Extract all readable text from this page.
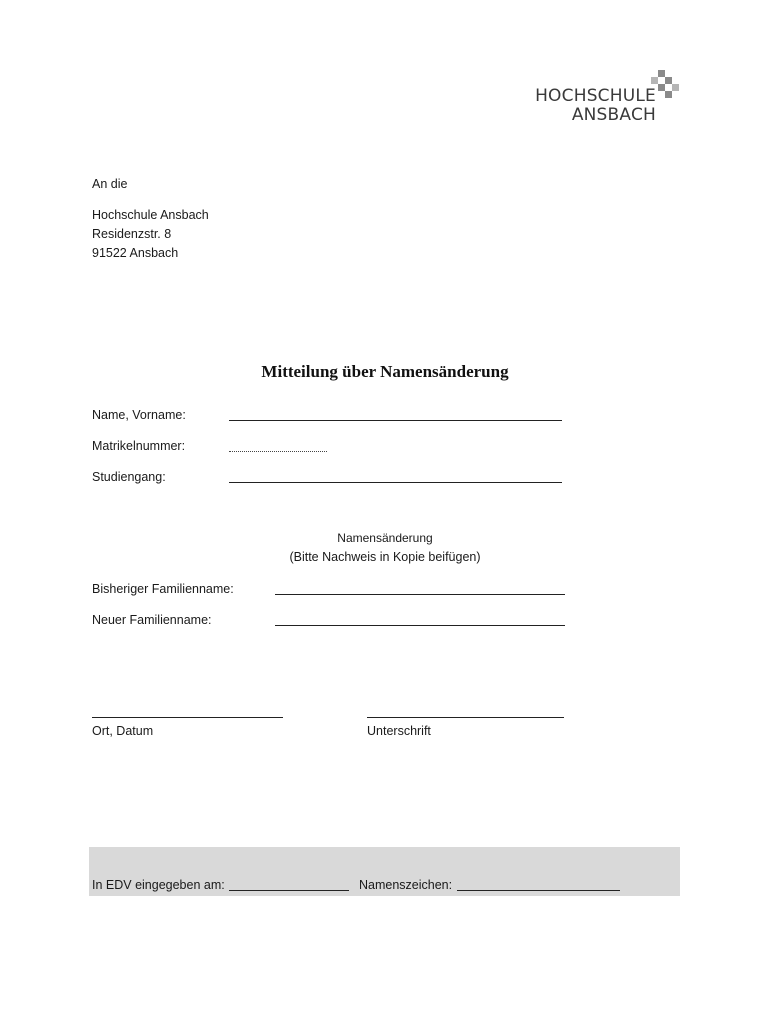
HOCHSCHULE
ANSBACH
An die
Hochschule Ansbach
Residenzstr. 8
91522 Ansbach
Mitteilung über Namensänderung
Name, Vorname:
Matrikelnummer:
Studiengang:
Namensänderung
(Bitte Nachweis in Kopie beifügen)
Bisheriger Familienname:
Neuer Familienname:
Ort, Datum	Unterschrift
In EDV eingegeben am:	Namenszeichen:
